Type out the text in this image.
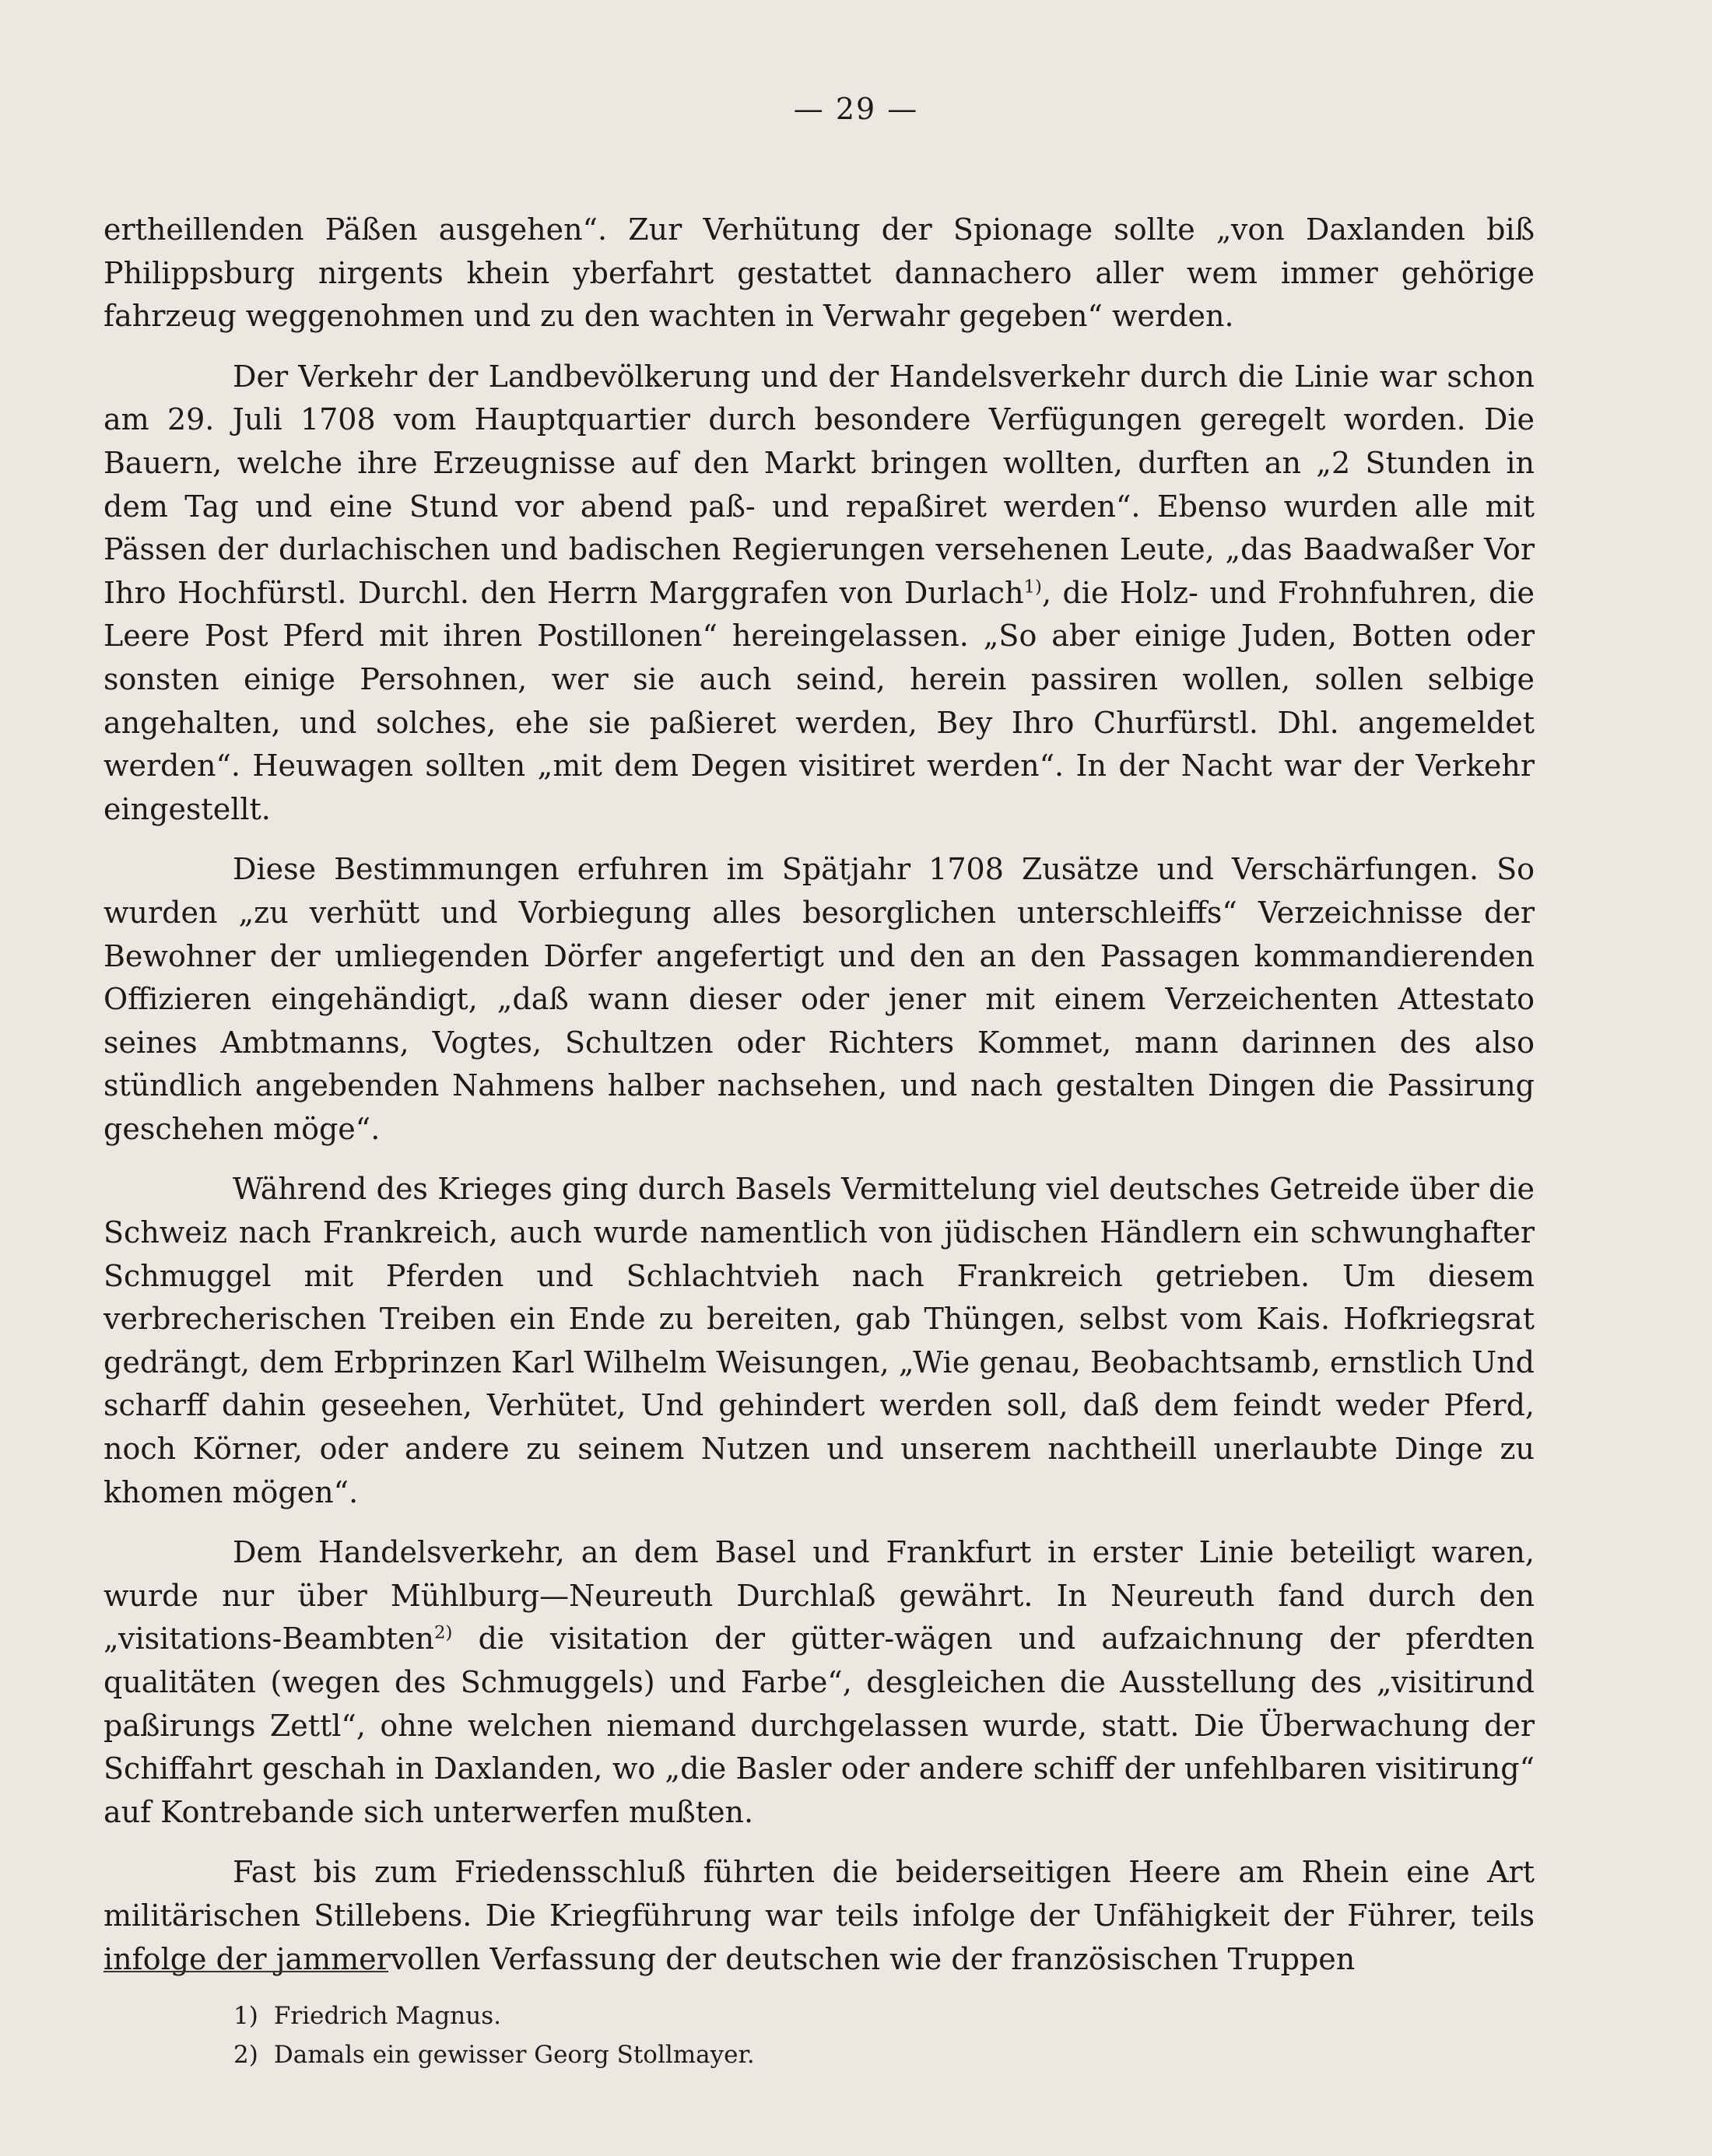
— 29 —

ertheillenden Päßen ausgehen“. Zur Verhütung der Spionage sollte „von Daxlanden biß Philippsburg nirgents khein yberfahrt gestattet dannachero aller wem immer gehörige fahrzeug weggenohmen und zu den wachten in Verwahr gegeben“ werden.

Der Verkehr der Landbevölkerung und der Handelsverkehr durch die Linie war schon am 29. Juli 1708 vom Hauptquartier durch besondere Verfügungen geregelt worden. Die Bauern, welche ihre Erzeugnisse auf den Markt bringen wollten, durften an „2 Stunden in dem Tag und eine Stund vor abend paß- und repaßiret werden“. Ebenso wurden alle mit Pässen der durlachischen und badischen Regierungen versehenen Leute, „das Baadwaßer Vor Ihro Hochfürstl. Durchl. den Herrn Marggrafen von Durlach$^{1)}$, die Holz- und Frohnfuhren, die Leere Post Pferd mit ihren Postillonen“ hereingelassen. „So aber einige Juden, Botten oder sonsten einige Persohnen, wer sie auch seind, herein passiren wollen, sollen selbige angehalten, und solches, ehe sie paßieret werden, Bey Ihro Churfürstl. Dhl. angemeldet werden“. Heuwagen sollten „mit dem Degen visitiret werden“. In der Nacht war der Verkehr eingestellt.

Diese Bestimmungen erfuhren im Spätjahr 1708 Zusätze und Verschärfungen. So wurden „zu verhütt und Vorbiegung alles besorglichen unterschleiffs“ Verzeichnisse der Bewohner der umliegenden Dörfer angefertigt und den an den Passagen kommandierenden Offizieren eingehändigt, „daß wann dieser oder jener mit einem Verzeichenten Attestato seines Ambtmanns, Vogtes, Schultzen oder Richters Kommet, mann darinnen des also stündlich angebenden Nahmens halber nachsehen, und nach gestalten Dingen die Passirung geschehen möge“.

Während des Krieges ging durch Basels Vermittelung viel deutsches Getreide über die Schweiz nach Frankreich, auch wurde namentlich von jüdischen Händlern ein schwunghafter Schmuggel mit Pferden und Schlachtvieh nach Frankreich getrieben. Um diesem verbrecherischen Treiben ein Ende zu bereiten, gab Thüngen, selbst vom Kais. Hofkriegsrat gedrängt, dem Erbprinzen Karl Wilhelm Weisungen, „Wie genau, Beobachtsamb, ernstlich Und scharff dahin geseehen, Verhütet, Und gehindert werden soll, daß dem feindt weder Pferd, noch Körner, oder andere zu seinem Nutzen und unserem nachtheill unerlaubte Dinge zu khomen mögen“.

Dem Handelsverkehr, an dem Basel und Frankfurt in erster Linie beteiligt waren, wurde nur über Mühlburg—Neureuth Durchlaß gewährt. In Neureuth fand durch den „visitations-Beambten$^{2)}$ die visitation der gütter-wägen und aufzaichnung der pferdten qualitäten (wegen des Schmuggels) und Farbe“, desgleichen die Ausstellung des „visitirund paßirungs Zettl“, ohne welchen niemand durchgelassen wurde, statt. Die Überwachung der Schiffahrt geschah in Daxlanden, wo „die Basler oder andere schiff der unfehlbaren visitirung“ auf Kontrebande sich unterwerfen mußten.

Fast bis zum Friedensschluß führten die beiderseitigen Heere am Rhein eine Art militärischen Stillebens. Die Kriegführung war teils infolge der Unfähigkeit der Führer, teils infolge der jammervollen Verfassung der deutschen wie der französischen Truppen

1) Friedrich Magnus.

2) Damals ein gewisser Georg Stollmayer.
